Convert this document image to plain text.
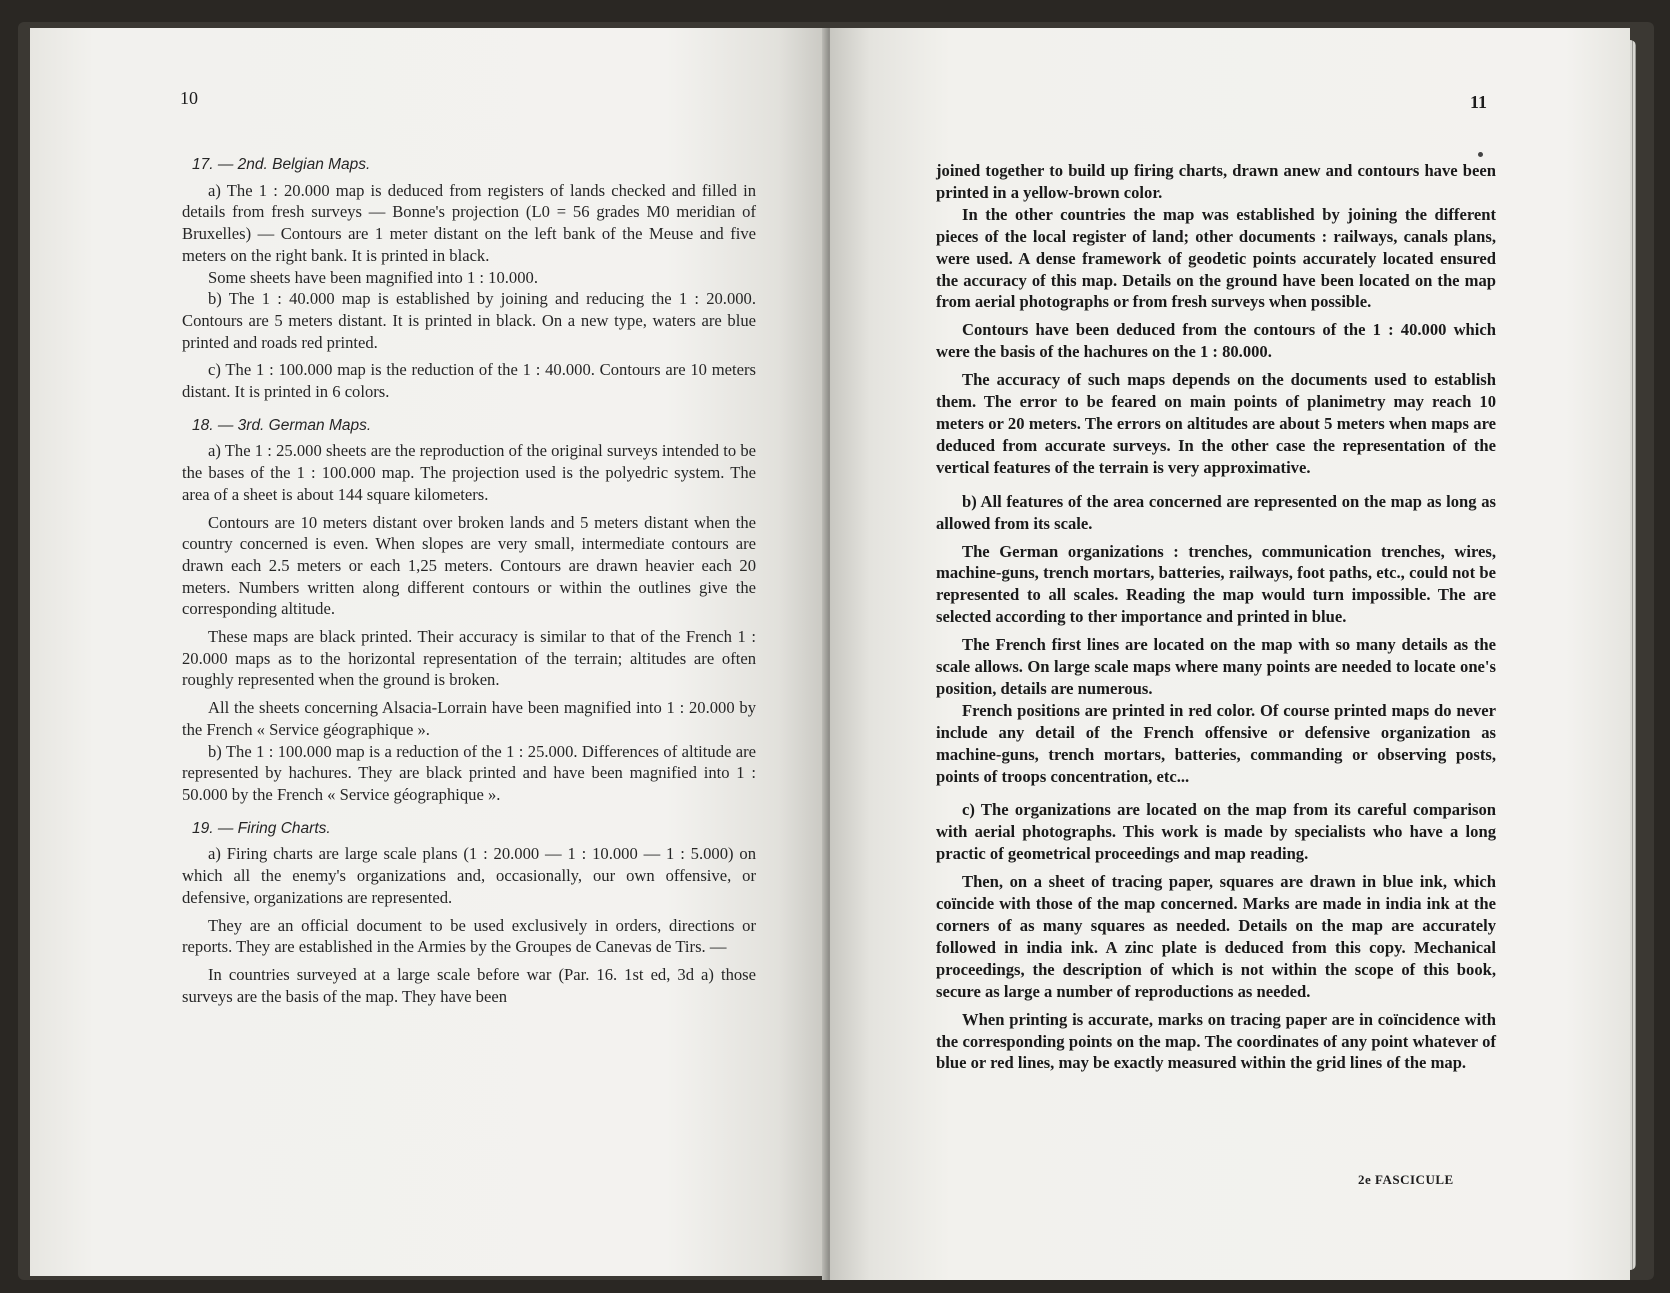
10
17. — 2nd. Belgian Maps.

a) The 1 : 20.000 map is deduced from registers of lands checked and filled in details from fresh surveys — Bonne's projection (L0 = 56 grades M0 meridian of Bruxelles) — Contours are 1 meter distant on the left bank of the Meuse and five meters on the right bank. It is printed in black.

Some sheets have been magnified into 1 : 10.000.

b) The 1 : 40.000 map is established by joining and reducing the 1 : 20.000. Contours are 5 meters distant. It is printed in black. On a new type, waters are blue printed and roads red printed.

c) The 1 : 100.000 map is the reduction of the 1 : 40.000. Contours are 10 meters distant. It is printed in 6 colors.

18. — 3rd. German Maps.

a) The 1 : 25.000 sheets are the reproduction of the original surveys intended to be the bases of the 1 : 100.000 map. The projection used is the polyedric system. The area of a sheet is about 144 square kilometers.

Contours are 10 meters distant over broken lands and 5 meters distant when the country concerned is even. When slopes are very small, intermediate contours are drawn each 2.5 meters or each 1,25 meters. Contours are drawn heavier each 20 meters. Numbers written along different contours or within the outlines give the corresponding altitude.

These maps are black printed. Their accuracy is similar to that of the French 1 : 20.000 maps as to the horizontal representation of the terrain; altitudes are often roughly represented when the ground is broken.

All the sheets concerning Alsacia-Lorrain have been magnified into 1 : 20.000 by the French « Service géographique ».

b) The 1 : 100.000 map is a reduction of the 1 : 25.000. Differences of altitude are represented by hachures. They are black printed and have been magnified into 1 : 50.000 by the French « Service géographique ».

19. — Firing Charts.

a) Firing charts are large scale plans (1 : 20.000 — 1 : 10.000 — 1 : 5.000) on which all the enemy's organizations and, occasionally, our own offensive, or defensive, organizations are represented.

They are an official document to be used exclusively in orders, directions or reports. They are established in the Armies by the Groupes de Canevas de Tirs. —

In countries surveyed at a large scale before war (Par. 16. 1st ed, 3d a) those surveys are the basis of the map. They have been

11

joined together to build up firing charts, drawn anew and contours have been printed in a yellow-brown color.

In the other countries the map was established by joining the different pieces of the local register of land; other documents : railways, canals plans, were used. A dense framework of geodetic points accurately located ensured the accuracy of this map. Details on the ground have been located on the map from aerial photographs or from fresh surveys when possible.

Contours have been deduced from the contours of the 1 : 40.000 which were the basis of the hachures on the 1 : 80.000.

The accuracy of such maps depends on the documents used to establish them. The error to be feared on main points of planimetry may reach 10 meters or 20 meters. The errors on altitudes are about 5 meters when maps are deduced from accurate surveys. In the other case the representation of the vertical features of the terrain is very approximative.

b) All features of the area concerned are represented on the map as long as allowed from its scale.

The German organizations : trenches, communication trenches, wires, machine-guns, trench mortars, batteries, railways, foot paths, etc., could not be represented to all scales. Reading the map would turn impossible. The are selected according to ther importance and printed in blue.

The French first lines are located on the map with so many details as the scale allows. On large scale maps where many points are needed to locate one's position, details are numerous.

French positions are printed in red color. Of course printed maps do never include any detail of the French offensive or defensive organization as machine-guns, trench mortars, batteries, commanding or observing posts, points of troops concentration, etc...

c) The organizations are located on the map from its careful comparison with aerial photographs. This work is made by specialists who have a long practic of geometrical proceedings and map reading.

Then, on a sheet of tracing paper, squares are drawn in blue ink, which coïncide with those of the map concerned. Marks are made in india ink at the corners of as many squares as needed. Details on the map are accurately followed in india ink. A zinc plate is deduced from this copy. Mechanical proceedings, the description of which is not within the scope of this book, secure as large a number of reproductions as needed.

When printing is accurate, marks on tracing paper are in coïncidence with the corresponding points on the map. The coordinates of any point whatever of blue or red lines, may be exactly measured within the grid lines of the map.

2e FASCICULE
